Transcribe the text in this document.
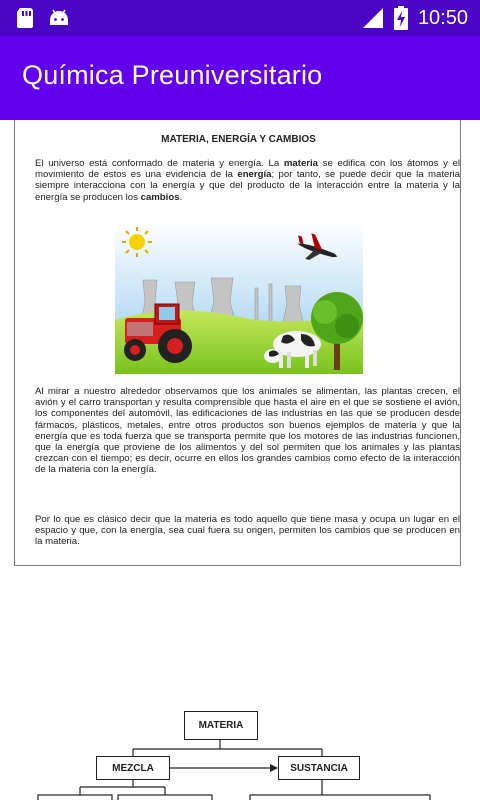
10:50
Química Preuniversitario
MATERIA, ENERGÍA Y CAMBIOS
El universo está conformado de materia y energía. La materia se edifica con los átomos y el movimiento de estos es una evidencia de la energía; por tanto, se puede decir que la materia siempre interacciona con la energía y que del producto de la interacción entre la materia y la energía se producen los cambios.
Al mirar a nuestro alrededor observamos que los animales se alimentan, las plantas crecen, el avión y el carro transportan y resulta comprensible que hasta el aire en el que se sostiene el avión, los componentes del automóvil, las edificaciones de las industrias en las que se producen desde fármacos, plásticos, metales, entre otros productos son buenos ejemplos de materia y que la energía que es toda fuerza que se transporta permite que los motores de las industrias funcionen, que la energía que proviene de los alimentos y del sol permiten que los animales y las plantas crezcan con el tiempo; es decir, ocurre en ellos los grandes cambios como efecto de la interacción de la materia con la energía.
Por lo que es clásico decir que la materia es todo aquello que tiene masa y ocupa un lugar en el espacio y que, con la energía, sea cual fuera su origen, permiten los cambios que se producen en la materia.
MATERIA
MEZCLA	SUSTANCIA
